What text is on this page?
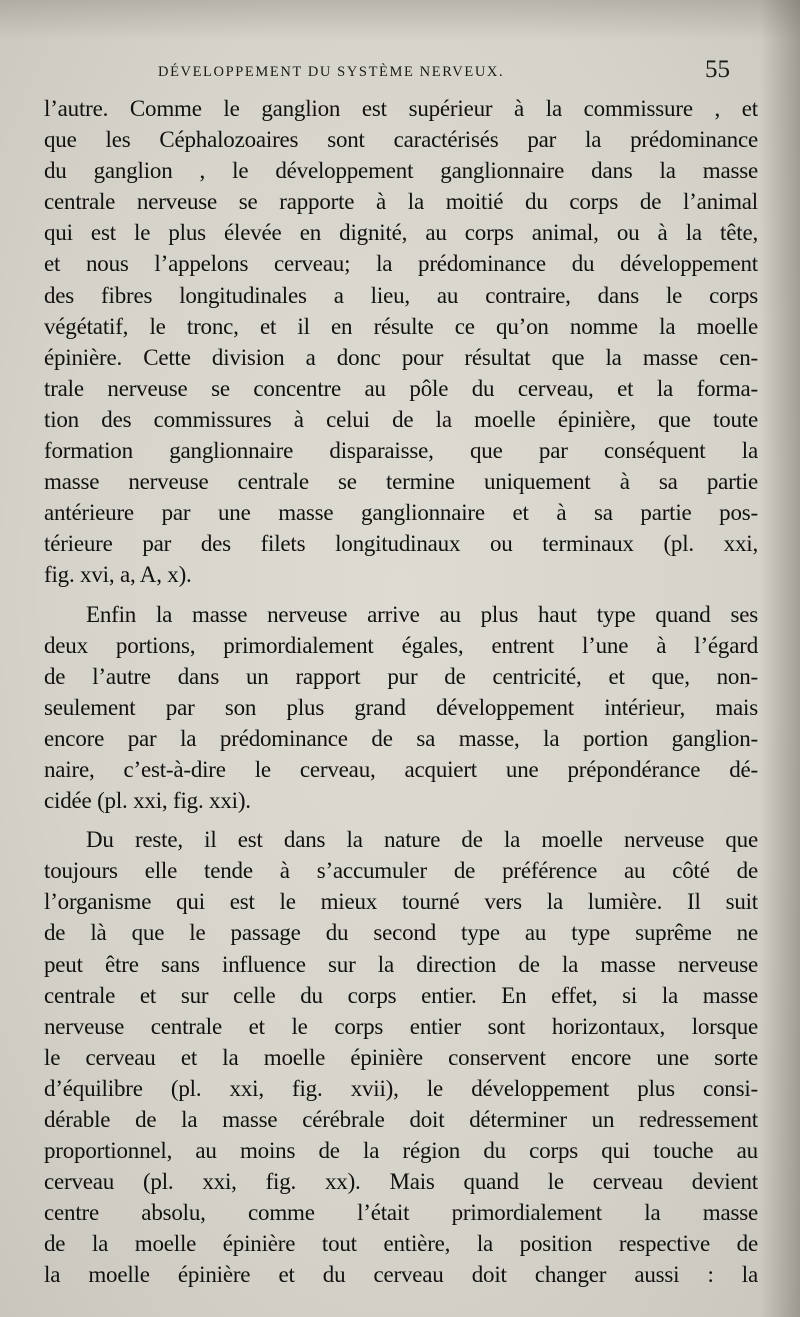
DÉVELOPPEMENT DU SYSTÈME NERVEUX.	55
l’autre. Comme le ganglion est supérieur à la commissure , et
que les Céphalozoaires sont caractérisés par la prédominance
du ganglion , le développement ganglionnaire dans la masse
centrale nerveuse se rapporte à la moitié du corps de l’animal
qui est le plus élevée en dignité, au corps animal, ou à la tête,
et nous l’appelons cerveau; la prédominance du développement
des fibres longitudinales a lieu, au contraire, dans le corps
végétatif, le tronc, et il en résulte ce qu’on nomme la moelle
épinière. Cette division a donc pour résultat que la masse cen-
trale nerveuse se concentre au pôle du cerveau, et la forma-
tion des commissures à celui de la moelle épinière, que toute
formation ganglionnaire disparaisse, que par conséquent la
masse nerveuse centrale se termine uniquement à sa partie
antérieure par une masse ganglionnaire et à sa partie pos-
térieure par des filets longitudinaux ou terminaux (pl. xxi,
fig. xvi, a, A, x).
Enfin la masse nerveuse arrive au plus haut type quand ses
deux portions, primordialement égales, entrent l’une à l’égard
de l’autre dans un rapport pur de centricité, et que, non-
seulement par son plus grand développement intérieur, mais
encore par la prédominance de sa masse, la portion ganglion-
naire, c’est-à-dire le cerveau, acquiert une prépondérance dé-
cidée (pl. xxi, fig. xxi).
Du reste, il est dans la nature de la moelle nerveuse que
toujours elle tende à s’accumuler de préférence au côté de
l’organisme qui est le mieux tourné vers la lumière. Il suit
de là que le passage du second type au type suprême ne
peut être sans influence sur la direction de la masse nerveuse
centrale et sur celle du corps entier. En effet, si la masse
nerveuse centrale et le corps entier sont horizontaux, lorsque
le cerveau et la moelle épinière conservent encore une sorte
d’équilibre (pl. xxi, fig. xvii), le développement plus consi-
dérable de la masse cérébrale doit déterminer un redressement
proportionnel, au moins de la région du corps qui touche au
cerveau (pl. xxi, fig. xx). Mais quand le cerveau devient
centre absolu, comme l’était primordialement la masse
de la moelle épinière tout entière, la position respective de
la moelle épinière et du cerveau doit changer aussi : la
